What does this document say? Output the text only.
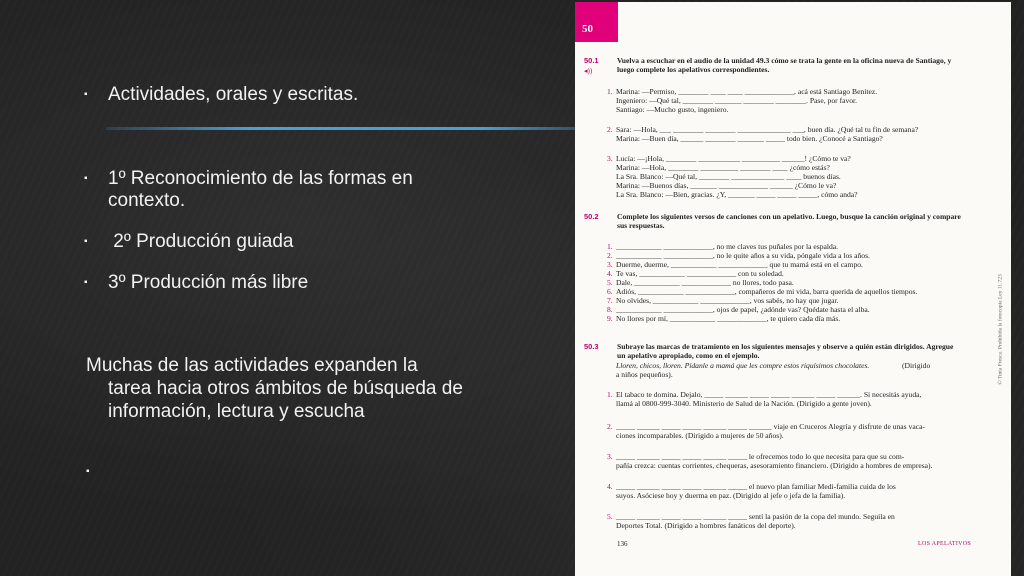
▪	Actividades, orales y escritas.
▪	1º Reconocimiento de las formas en contexto.
▪	2º Producción guiada
▪	3º Producción más libre
Muchas de las actividades expanden la
tarea hacia otros ámbitos de búsqueda de información, lectura y escucha
▪
50
© Tinta Fresca. Prohibida la fotocopia Ley 11.723
50.1
◂))
Vuelva a escuchar en el audio de la unidad 49.3 cómo se trata la gente en la oficina nueva de Santiago, y luego complete los apelativos correspondientes.
1. Marina: —Permiso, ________ ____ ____ _____________, acá está Santiago Benítez.
Ingeniero: —Qué tal, ________ _______ ________ ________. Pase, por favor.
Santiago: —Mucho gusto, ingeniero.
2. Sara: —Hola, ___ ________ ________ ______________ ___, buen día. ¿Qué tal tu fin de semana?
Marina: —Buen día, ______ ________ _______ _____ todo bien. ¿Conocé a Santiago?
3. Lucía: —¡Hola, ________ ___________ __________ ______! ¿Cómo te va?
Marina: —Hola, ________ __________ ________ ____ ¿cómo estás?
La Sra. Blanco: —Qué tal, ________ ______________ ____ buenos días.
Marina: —Buenos días, _______ _____________ ______ ¿Cómo le va?
La Sra. Blanco: —Bien, gracias. ¿Y, _______ _____ _____ _____, cómo anda?
50.2 Complete los siguientes versos de canciones con un apelativo. Luego, busque la canción original y compare sus respuestas.
1. ____________ _____________, no me claves tus puñales por la espalda.
2. ____________ _____________, no le quite años a su vida, póngale vida a los años.
3. Duerme, duerme, ____________ _____________ que tu mamá está en el campo.
4. Te vas, ____________ _____________ con tu soledad.
5. Dale, ____________ _____________ no llores, todo pasa.
6. Adiós, ____________ _____________, compañeros de mi vida, barra querida de aquellos tiempos.
7. No olvides, ____________ _____________, vos sabés, no hay que jugar.
8. ____________ _____________, ojos de papel, ¿adónde vas? Quédate hasta el alba.
9. No llores por mí, ____________ _____________, te quiero cada día más.
50.3 Subraye las marcas de tratamiento en los siguientes mensajes y observe a quién están dirigidos. Agregue un apelativo apropiado, como en el ejemplo.
Lloren, chicos, lloren. Pídanle a mamá que les compre estos riquísimos chocolates.	(Dirigido
a niños pequeños).
1. El tabaco te domina. Dejalo, _____ ______ _____ _____ ______ _____ ______. Si necesitás ayuda,
llamá al 0800-999-3040. Ministerio de Salud de la Nación. (Dirigido a gente joven).
2. _____ ______ _____ _____ ______ _____ ______ viaje en Cruceros Alegría y disfrute de unas vaca-
ciones incomparables. (Dirigido a mujeres de 50 años).
3. _____ ______ _____ _____ ______ _____ le ofrecemos todo lo que necesita para que su com-
pañía crezca: cuentas corrientes, chequeras, asesoramiento financiero. (Dirigido a hombres de empresa).
4. _____ ______ _____ _____ ______ _____ el nuevo plan familiar Medi-familia cuida de los
suyos. Asóciese hoy y duerma en paz. (Dirigido al jefe o jefa de la familia).
5. _____ ______ _____ _____ ______ _____ sentí la pasión de la copa del mundo. Seguila en
Deportes Total. (Dirigido a hombres fanáticos del deporte).
136	LOS APELATIVOS
